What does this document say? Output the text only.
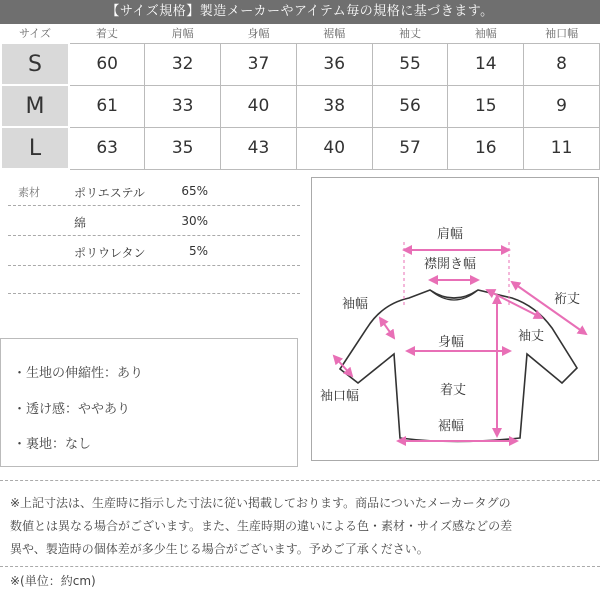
【サイズ規格】製造メーカーやアイテム毎の規格に基づきます。
サイズ	着丈	肩幅	身幅	裾幅	袖丈	袖幅	袖口幅
S	60	32	37	36	55	14	8
M	61	33	40	38	56	15	9
L	63	35	43	40	57	16	11
素材	ポリエステル	65%
綿	30%
ポリウレタン	5%
・生地の伸縮性：あり
・透け感：ややあり
・裏地：なし
肩幅
襟開き幅
袖幅	裄丈
袖丈
身幅
袖口幅	着丈
裾幅
※上記寸法は、生産時に指示した寸法に従い掲載しております。商品についたメーカータグの
数値とは異なる場合がございます。また、生産時期の違いによる色・素材・サイズ感などの差
異や、製造時の個体差が多少生じる場合がございます。予めご了承ください。
※(単位：約cm)
